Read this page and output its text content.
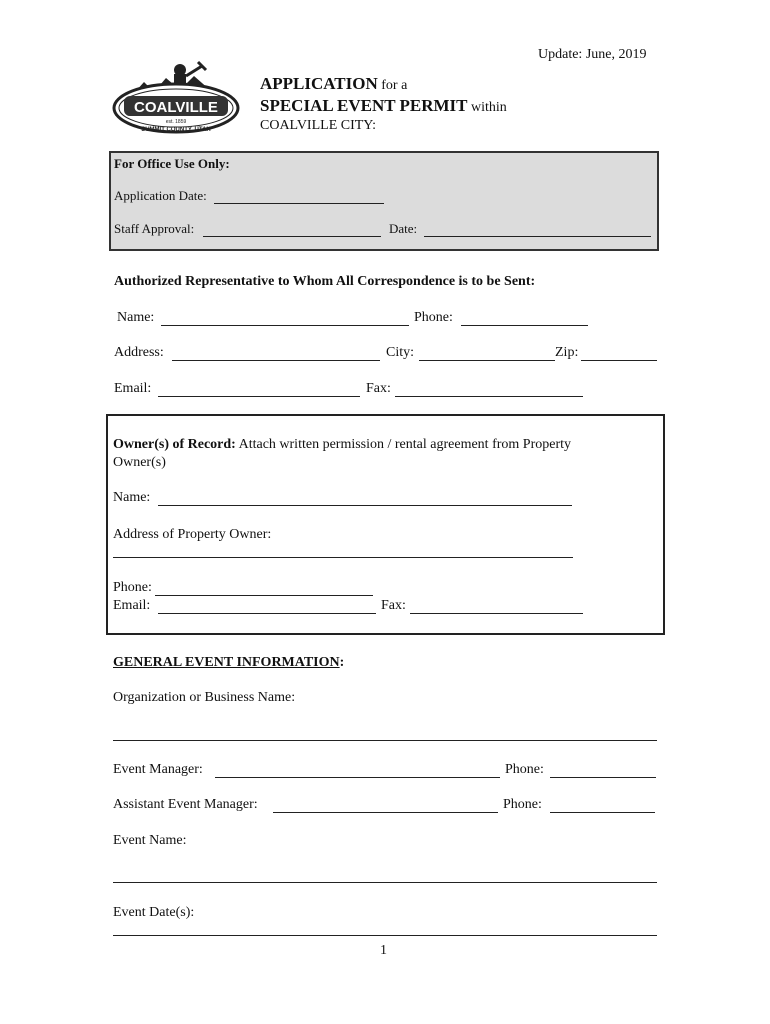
Update: June, 2019
COALVILLE
est. 1859
SUMMIT COUNTY, UTAH
APPLICATION for a
SPECIAL EVENT PERMIT within
COALVILLE CITY:
For Office Use Only:
Application Date:
Staff Approval:	Date:
Authorized Representative to Whom All Correspondence is to be Sent:
Name:	Phone:
Address:	City:	Zip:
Email:	Fax:
Owner(s) of Record: Attach written permission / rental agreement from Property
Owner(s)
Name:
Address of Property Owner:
Phone:
Email:	Fax:
GENERAL EVENT INFORMATION:
Organization or Business Name:
Event Manager:	Phone:
Assistant Event Manager:	Phone:
Event Name:
Event Date(s):
1
